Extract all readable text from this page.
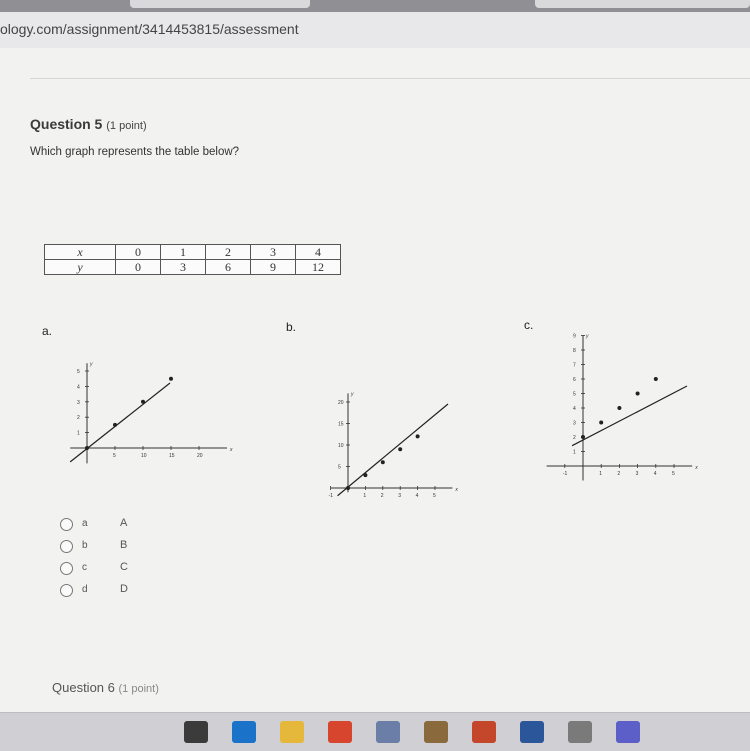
ology.com/assignment/3414453815/assessment
Question 5 (1 point)
Which graph represents the table below?
x	0	1	2	3	4
y	0	3	6	9	12
a.
x
y
5	10	15	20
1
2
3
4
5
b.
x
y
-1	1	2	3	4	5
5
10
15
20
c.
x
y
-1	1	2	3	4	5
1
2
3
4
5
6
7
8
9
a	A
b	B
c	C
d	D
Question 6 (1 point)
